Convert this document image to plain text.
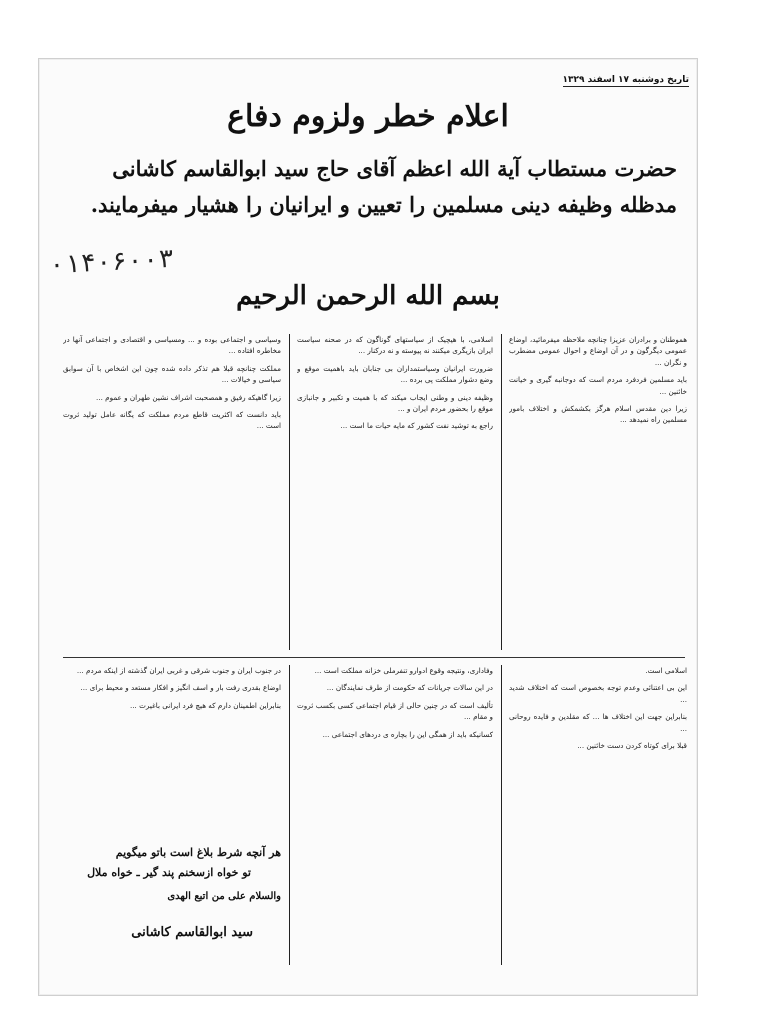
تاریخ دوشنبه ۱۷ اسفند ۱۳۲۹
اعلام خطر ولزوم دفاع
حضرت مستطاب آیة الله اعظم آقای حاج سید ابوالقاسم کاشانی مدظله وظیفه دینی مسلمین را تعیین و ایرانیان را هشیار میفرمایند.
۰۱۴۰۶۰۰۳
بسم الله الرحمن الرحیم

هموطنان و برادران عزیزا چنانچه ملاحظه میفرمائید، اوضاع عمومی دیگرگون و در آن اوضاع و احوال عمومی مضطرب و نگران ...

باید مسلمین فردفرد مردم است که دوجانبه گیری و خیانت خائنین ...

زیرا دین مقدس اسلام هرگز بکشمکش و اختلاف بامور مسلمین راه نمیدهد ...

اسلامی، با هیچیک از سیاستهای گوناگون که در صحنه سیاست ایران بازیگری میکنند نه پیوسته و نه درکنار ...

ضرورت ایرانیان وسیاستمداران بی جنابان باید باهمیت موقع و وضع دشوار مملکت پی برده ...

وظیفه دینی و وطنی ایجاب میکند که با همیت و تکبیر و جانبازی موقع را بحضور مردم ایران و ...

راجع به توشید نفت کشور که مایه حیات ما است ...

وسیاسی و اجتماعی بوده و ... ومسیاسی و اقتصادی و اجتماعی آنها در مخاطره افتاده ...

مملکت چنانچه قبلا هم تذکر داده شده چون این اشخاص با آن سوابق سیاسی و خیالات ...

زیرا گاهیکه رفیق و همصحبت اشراف نشین طهران و عموم ...

باید دانست که اکثریت قاطع مردم مملکت که یگانه عامل تولید ثروت است ...

اسلامی است.

این بی اعتنائی وعدم توجه بخصوص است که اختلاف شدید ...

بنابراین جهت این اختلاف ها ... که مقلدین و فایده روحانی ...

قبلا برای کوتاه کردن دست خائنین ...

وفاداری، ونتیجه وقوع ادوارو تنفرملی خزانه مملکت است ...

در این سالات جریانات که حکومت از طرف نمایندگان ...

تألیف است که در چنین حالی از قیام اجتماعی کسی بکسب ثروت و مقام ...

کسانیکه باید از همگی این را بچاره ی دردهای اجتماعی ...

در جنوب ایران و جنوب شرقی و غربی ایران گذشته از اینکه مردم ...

اوضاع بقدری رفت بار و اسف انگیز و افکار مستعد و محیط برای ...

بنابراین اطمینان دارم که هیچ فرد ایرانی باغیرت ...

هر آنچه شرط بلاغ است باتو میگویم
تو خواه ازسخنم پند گیر ـ خواه ملال
والسلام علی من اتبع الهدی
سید ابوالقاسم کاشانی
